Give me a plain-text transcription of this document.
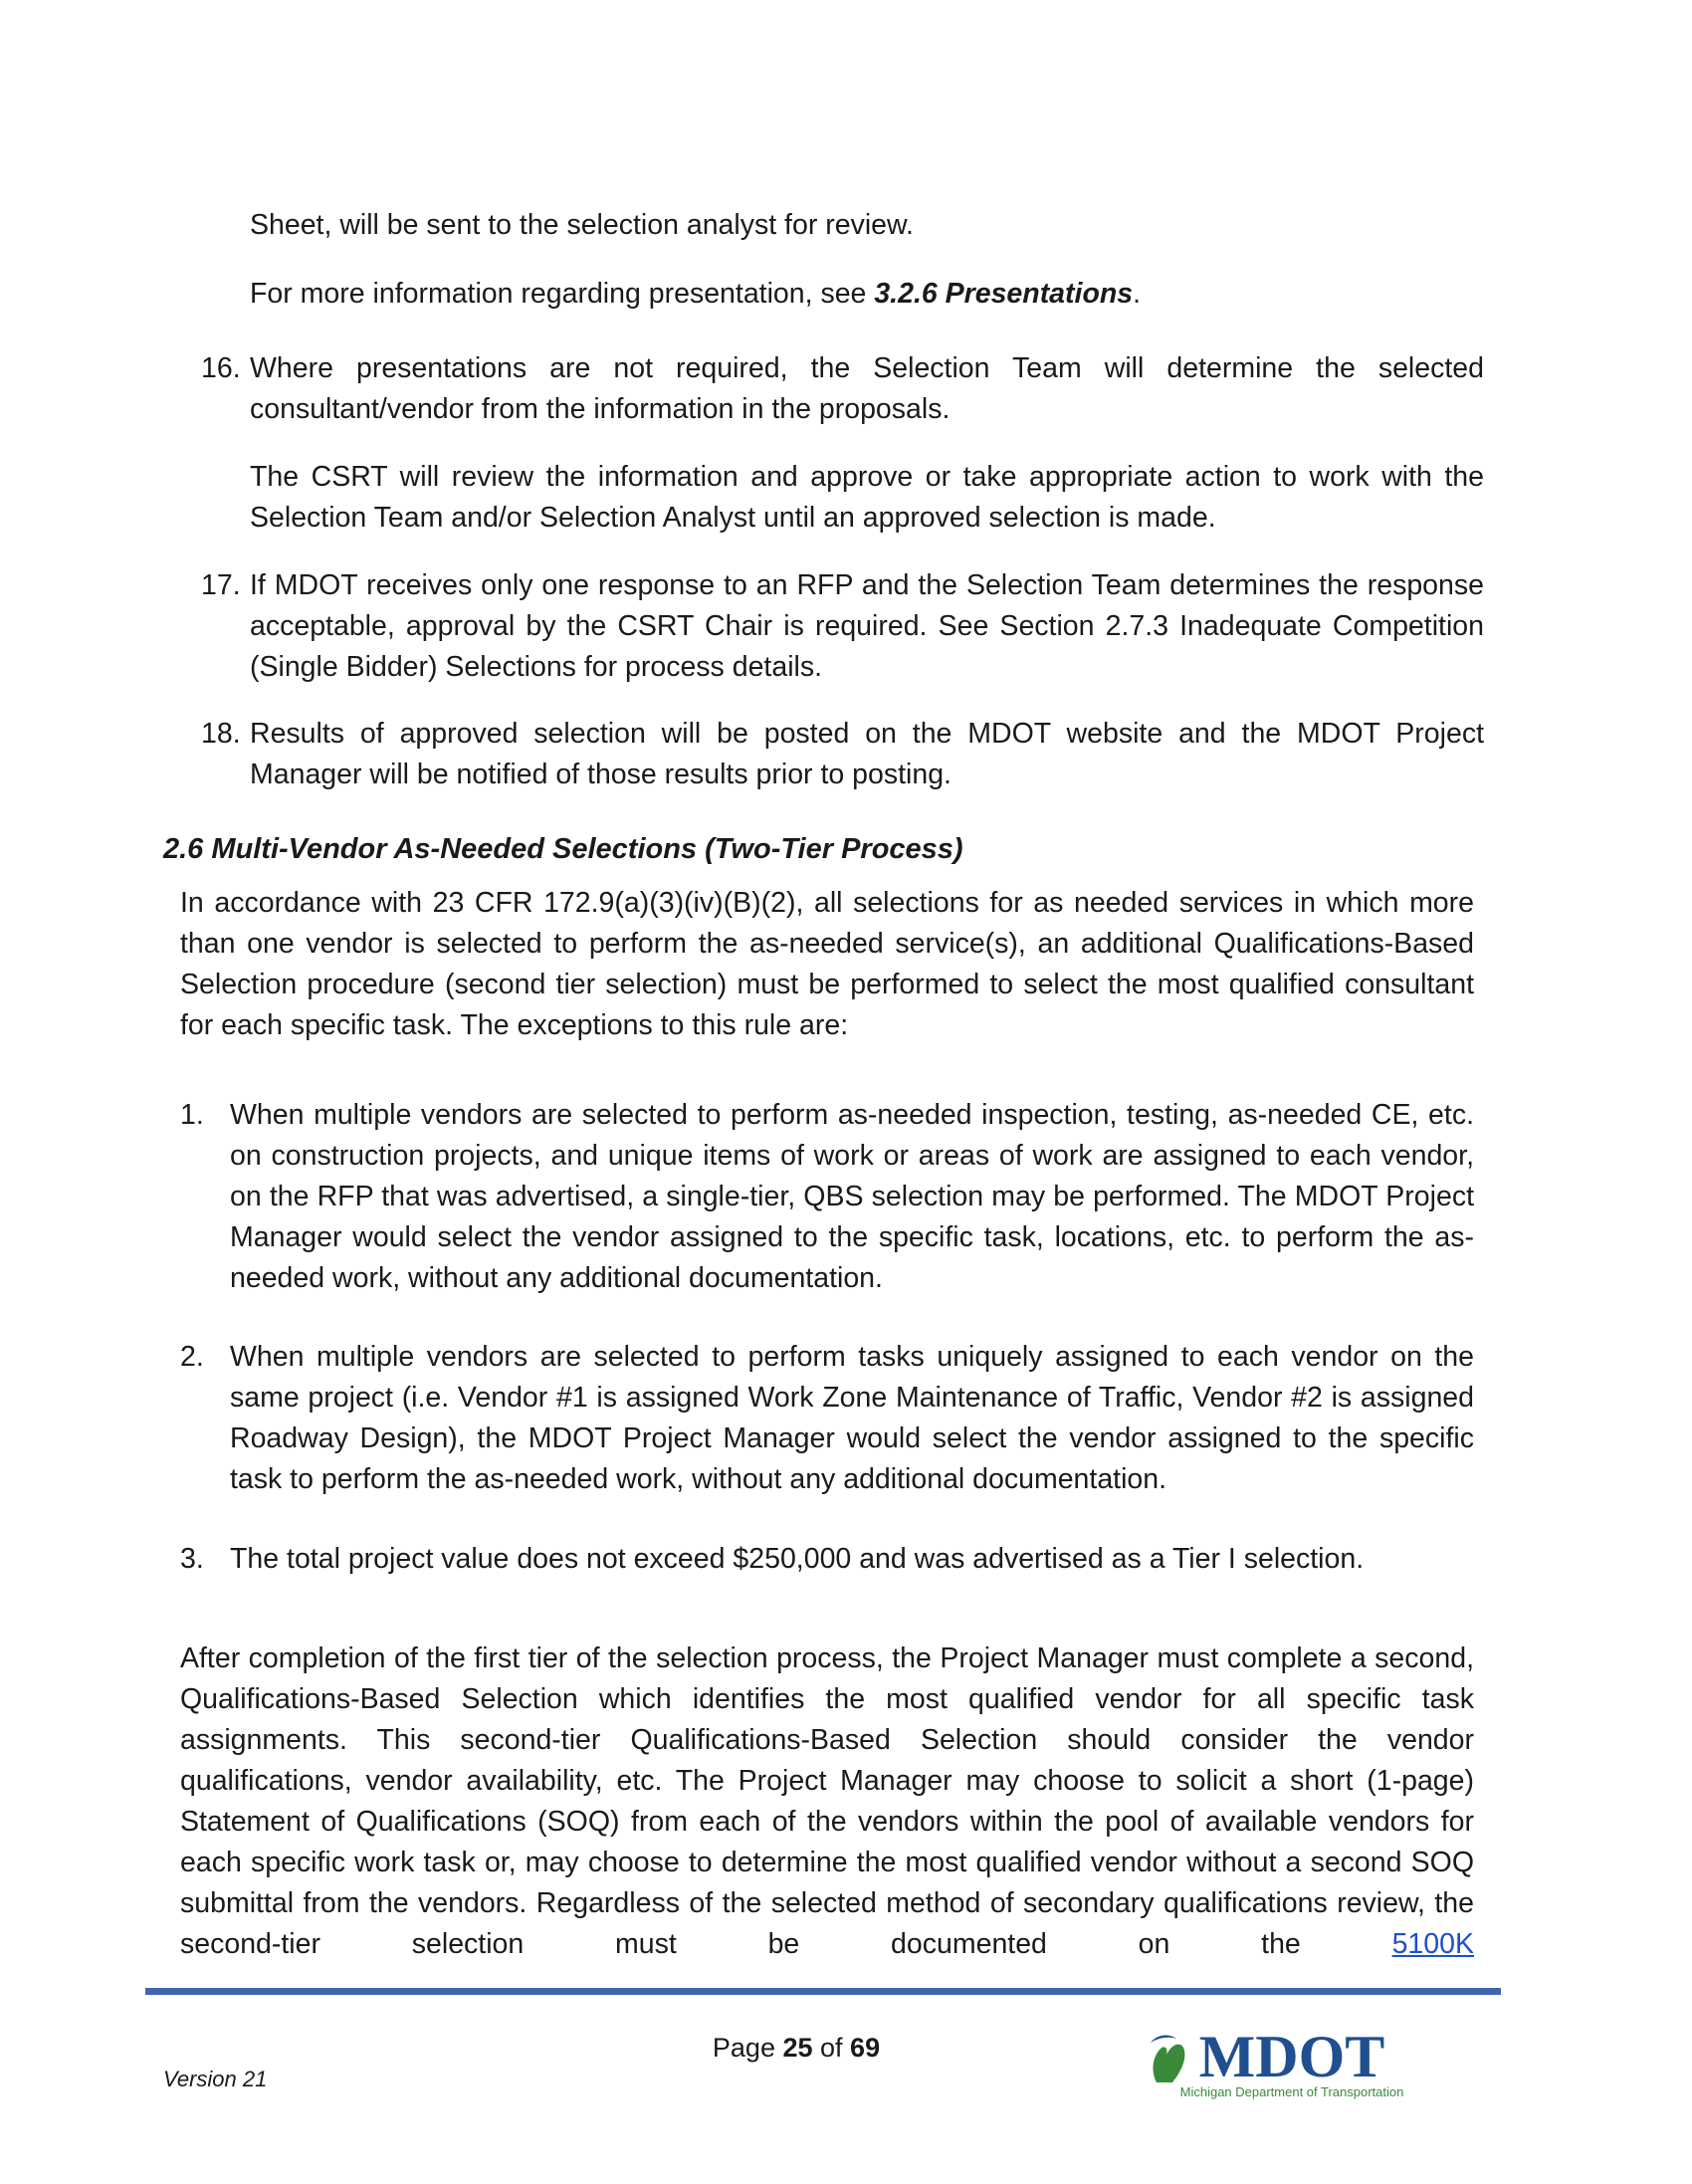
Sheet, will be sent to the selection analyst for review.

For more information regarding presentation, see 3.2.6 Presentations.

16. Where presentations are not required, the Selection Team will determine the selected consultant/vendor from the information in the proposals.

The CSRT will review the information and approve or take appropriate action to work with the Selection Team and/or Selection Analyst until an approved selection is made.

17. If MDOT receives only one response to an RFP and the Selection Team determines the response acceptable, approval by the CSRT Chair is required. See Section 2.7.3 Inadequate Competition (Single Bidder) Selections for process details.

18. Results of approved selection will be posted on the MDOT website and the MDOT Project Manager will be notified of those results prior to posting.

2.6 Multi-Vendor As-Needed Selections (Two-Tier Process)

In accordance with 23 CFR 172.9(a)(3)(iv)(B)(2), all selections for as needed services in which more than one vendor is selected to perform the as-needed service(s), an additional Qualifications-Based Selection procedure (second tier selection) must be performed to select the most qualified consultant for each specific task. The exceptions to this rule are:

1. When multiple vendors are selected to perform as-needed inspection, testing, as-needed CE, etc. on construction projects, and unique items of work or areas of work are assigned to each vendor, on the RFP that was advertised, a single-tier, QBS selection may be performed. The MDOT Project Manager would select the vendor assigned to the specific task, locations, etc. to perform the as-needed work, without any additional documentation.

2. When multiple vendors are selected to perform tasks uniquely assigned to each vendor on the same project (i.e. Vendor #1 is assigned Work Zone Maintenance of Traffic, Vendor #2 is assigned Roadway Design), the MDOT Project Manager would select the vendor assigned to the specific task to perform the as-needed work, without any additional documentation.

3. The total project value does not exceed $250,000 and was advertised as a Tier I selection.

After completion of the first tier of the selection process, the Project Manager must complete a second, Qualifications-Based Selection which identifies the most qualified vendor for all specific task assignments. This second-tier Qualifications-Based Selection should consider the vendor qualifications, vendor availability, etc. The Project Manager may choose to solicit a short (1-page) Statement of Qualifications (SOQ) from each of the vendors within the pool of available vendors for each specific work task or, may choose to determine the most qualified vendor without a second SOQ submittal from the vendors. Regardless of the selected method of secondary qualifications review, the second-tier selection must be documented on the 5100K

Page 25 of 69
Version 21	MDOT
Michigan Department of Transportation
